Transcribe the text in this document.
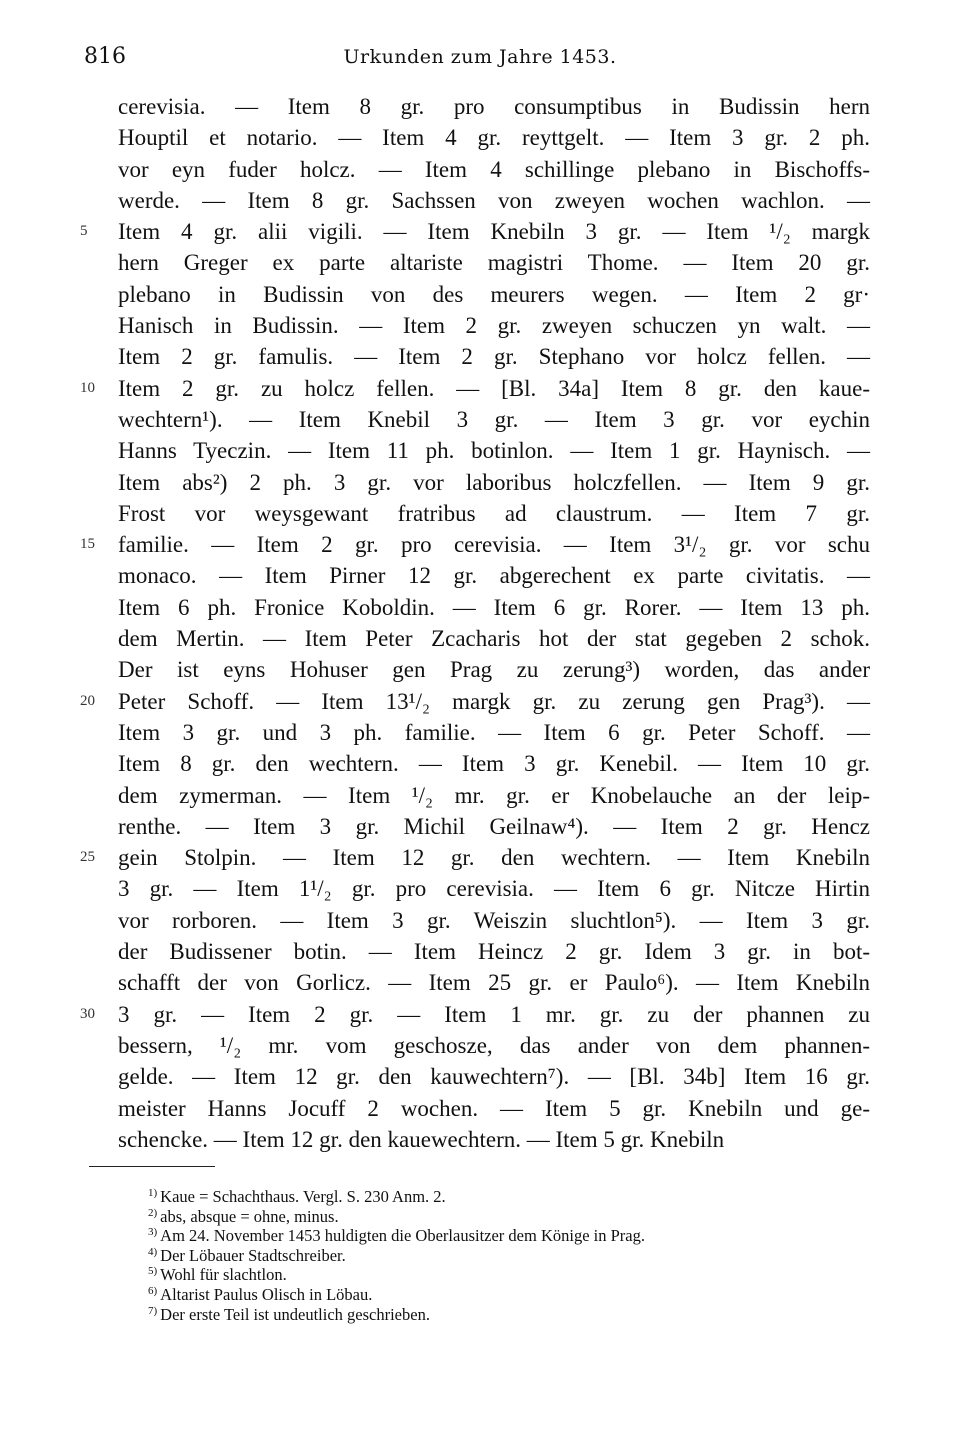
816	Urkunden zum Jahre 1453.
cerevisia. — Item 8 gr. pro consumptibus in Budissin hern
Houptil et notario. — Item 4 gr. reyttgelt. — Item 3 gr. 2 ph.
vor eyn fuder holcz. — Item 4 schillinge plebano in Bischoffs-
werde. — Item 8 gr. Sachssen von zweyen wochen wachlon. —
5	Item 4 gr. alii vigili. — Item Knebiln 3 gr. — Item ¹/₂ margk
hern Greger ex parte altariste magistri Thome. — Item 20 gr.
plebano in Budissin von des meurers wegen. — Item 2 gr·
Hanisch in Budissin. — Item 2 gr. zweyen schuczen yn walt. —
Item 2 gr. famulis. — Item 2 gr. Stephano vor holcz fellen. —
10	Item 2 gr. zu holcz fellen. — [Bl. 34a] Item 8 gr. den kaue-
wechtern¹). — Item Knebil 3 gr. — Item 3 gr. vor eychin
Hanns Tyeczin. — Item 11 ph. botinlon. — Item 1 gr. Haynisch. —
Item abs²) 2 ph. 3 gr. vor laboribus holczfellen. — Item 9 gr.
Frost vor weysgewant fratribus ad claustrum. — Item 7 gr.
15	familie. — Item 2 gr. pro cerevisia. — Item 3¹/₂ gr. vor schu
monaco. — Item Pirner 12 gr. abgerechent ex parte civitatis. —
Item 6 ph. Fronice Koboldin. — Item 6 gr. Rorer. — Item 13 ph.
dem Mertin. — Item Peter Zcacharis hot der stat gegeben 2 schok.
Der ist eyns Hohuser gen Prag zu zerung³) worden, das ander
20	Peter Schoff. — Item 13¹/₂ margk gr. zu zerung gen Prag³). —
Item 3 gr. und 3 ph. familie. — Item 6 gr. Peter Schoff. —
Item 8 gr. den wechtern. — Item 3 gr. Kenebil. — Item 10 gr.
dem zymerman. — Item ¹/₂ mr. gr. er Knobelauche an der leip-
renthe. — Item 3 gr. Michil Geilnaw⁴). — Item 2 gr. Hencz
25	gein Stolpin. — Item 12 gr. den wechtern. — Item Knebiln
3 gr. — Item 1¹/₂ gr. pro cerevisia. — Item 6 gr. Nitcze Hirtin
vor rorboren. — Item 3 gr. Weiszin sluchtlon⁵). — Item 3 gr.
der Budissener botin. — Item Heincz 2 gr. Idem 3 gr. in bot-
schafft der von Gorlicz. — Item 25 gr. er Paulo⁶). — Item Knebiln
30	3 gr. — Item 2 gr. — Item 1 mr. gr. zu der phannen zu
bessern, ¹/₂ mr. vom geschosze, das ander von dem phannen-
gelde. — Item 12 gr. den kauwechtern⁷). — [Bl. 34b] Item 16 gr.
meister Hanns Jocuff 2 wochen. — Item 5 gr. Knebiln und ge-
schencke. — Item 12 gr. den kauewechtern. — Item 5 gr. Knebiln
$^{1)}$ Kaue = Schachthaus. Vergl. S. 230 Anm. 2.
$^{2)}$ abs, absque = ohne, minus.
$^{3)}$ Am 24. November 1453 huldigten die Oberlausitzer dem Könige in Prag.
$^{4)}$ Der Löbauer Stadtschreiber.
$^{5)}$ Wohl für slachtlon.
$^{6)}$ Altarist Paulus Olisch in Löbau.
$^{7)}$ Der erste Teil ist undeutlich geschrieben.
